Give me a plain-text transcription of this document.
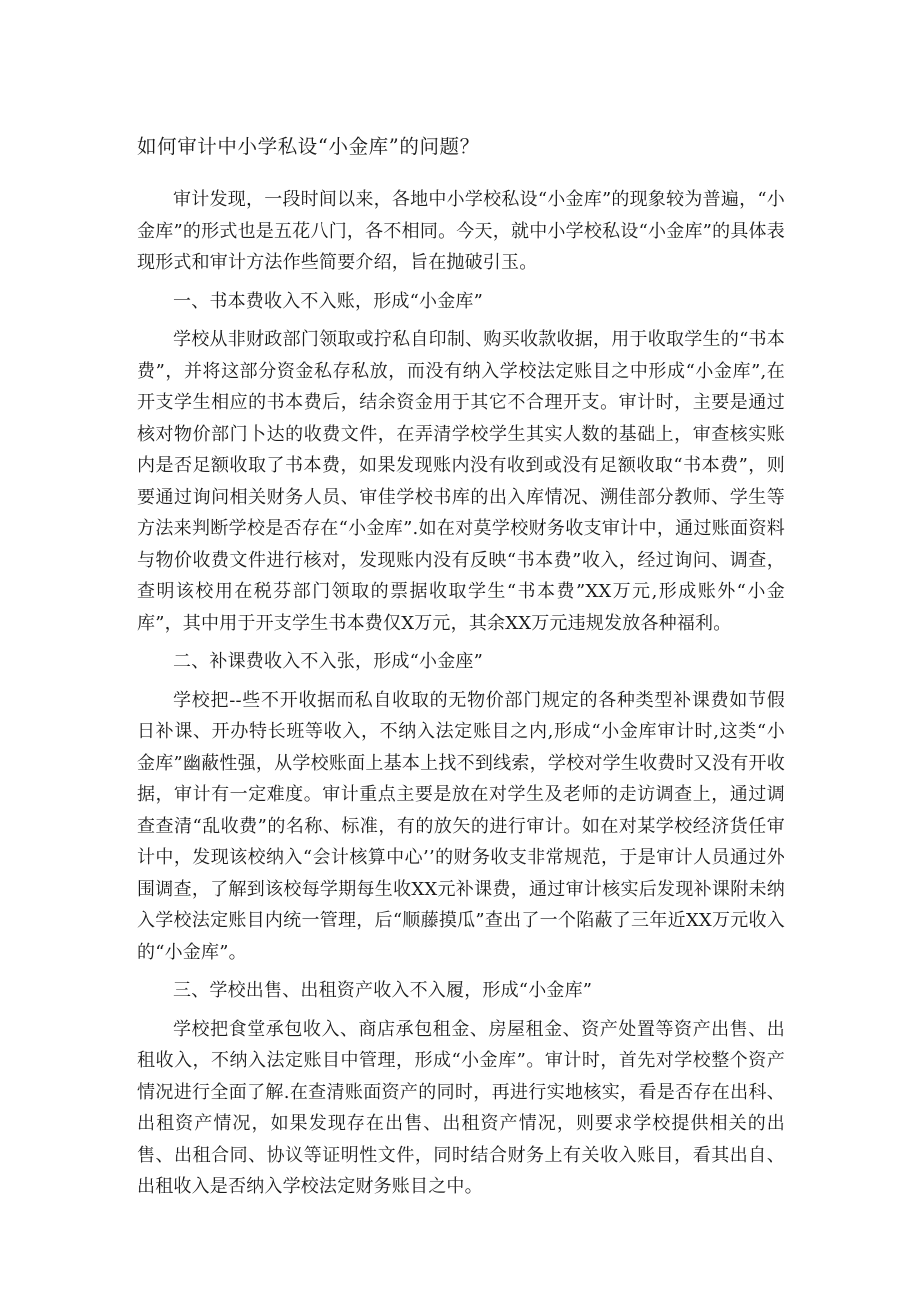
如何审计中小学私设“小金库”的问题？

审计发现，一段时间以来，各地中小学校私设“小金库”的现象较为普遍，“小金库”的形式也是五花八门，各不相同。今天，就中小学校私设“小金库”的具体表现形式和审计方法作些简要介绍，旨在抛破引玉。

一、书本费收入不入账，形成“小金库”

学校从非财政部门领取或拧私自印制、购买收款收据，用于收取学生的“书本费”，并将这部分资金私存私放，而没有纳入学校法定账目之中形成“小金库”,在开支学生相应的书本费后，结余资金用于其它不合理开支。审计时，主要是通过核对物价部门卜达的收费文件，在弄清学校学生其实人数的基础上，审查核实账内是否足额收取了书本费，如果发现账内没有收到或没有足额收取“书本费”，则要通过询问相关财务人员、审佳学校书库的出入库情况、溯佳部分教师、学生等方法来判断学校是否存在“小金库”.如在对莫学校财务收支审计中，通过账面资料与物价收费文件进行核对，发现账内没有反映“书本费”收入，经过询问、调查，查明该校用在税芬部门领取的票据收取学生“书本费”XX万元,形成账外“小金库”，其中用于开支学生书本费仅X万元，其余XX万元违规发放各种福利。

二、补课费收入不入张，形成“小金座”

学校把--些不开收据而私自收取的无物价部门规定的各种类型补课费如节假日补课、开办特长班等收入，不纳入法定账目之内,形成“小金库审计时,这类“小金库”幽蔽性强，从学校账面上基本上找不到线索，学校对学生收费时又没有开收据，审计有一定难度。审计重点主要是放在对学生及老师的走访调查上，通过调查查清“乱收费”的名称、标准，有的放矢的进行审计。如在对某学校经济货任审计中，发现该校纳入“会计核算中心’’的财务收支非常规范，于是审计人员通过外围调查，了解到该校每学期每生收XX元补课费，通过审计核实后发现补课附未纳入学校法定账目内统一管理，后“顺藤摸瓜”查出了一个陷蔽了三年近XX万元收入的“小金库”。

三、学校出售、出租资产收入不入履，形成“小金库”

学校把食堂承包收入、商店承包租金、房屋租金、资产处置等资产出售、出租收入，不纳入法定账目中管理，形成“小金库”。审计时，首先对学校整个资产情况进行全面了解.在查清账面资产的同时，再进行实地核实，看是否存在出科、出租资产情况，如果发现存在出售、出租资产情况，则要求学校提供相关的出售、出租合同、协议等证明性文件，同时结合财务上有关收入账目，看其出自、出租收入是否纳入学校法定财务账目之中。
